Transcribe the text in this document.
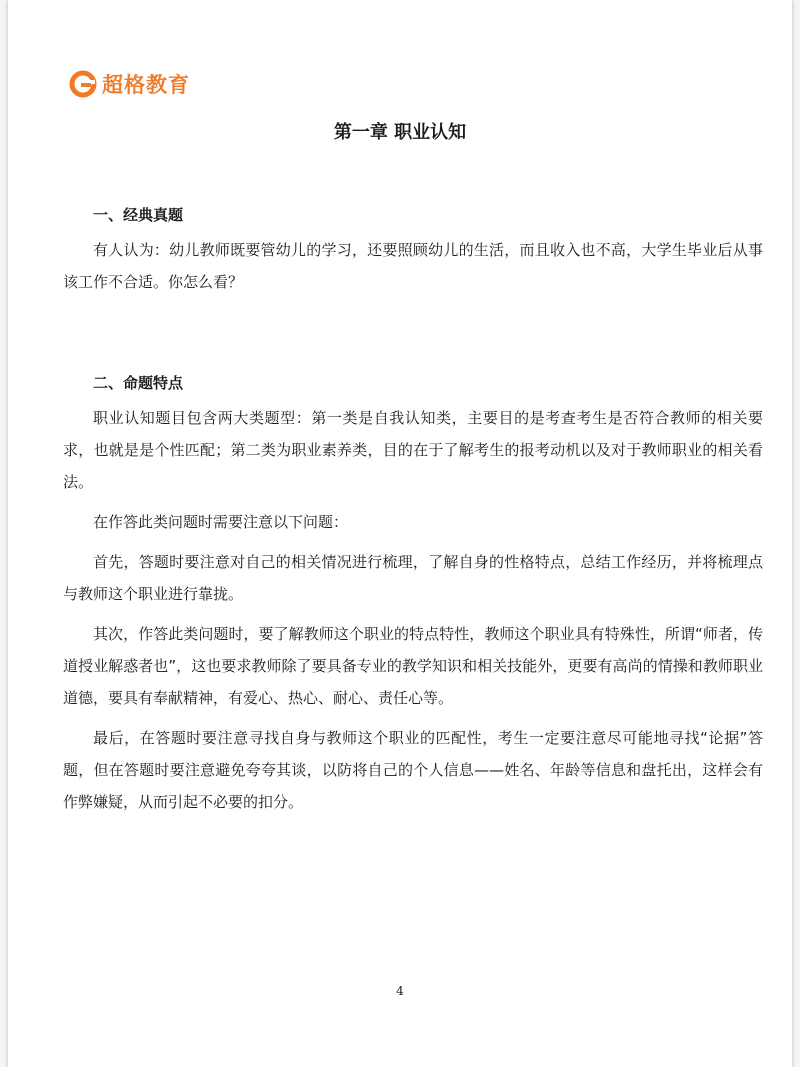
超格教育
第一章 职业认知
一、经典真题

有人认为：幼儿教师既要管幼儿的学习，还要照顾幼儿的生活，而且收入也不高，大学生毕业后从事该工作不合适。你怎么看？

二、命题特点

职业认知题目包含两大类题型：第一类是自我认知类，主要目的是考查考生是否符合教师的相关要求，也就是是个性匹配；第二类为职业素养类，目的在于了解考生的报考动机以及对于教师职业的相关看法。

在作答此类问题时需要注意以下问题：

首先，答题时要注意对自己的相关情况进行梳理，了解自身的性格特点，总结工作经历，并将梳理点与教师这个职业进行靠拢。

其次，作答此类问题时，要了解教师这个职业的特点特性，教师这个职业具有特殊性，所谓“师者，传道授业解惑者也”，这也要求教师除了要具备专业的教学知识和相关技能外，更要有高尚的情操和教师职业道德，要具有奉献精神，有爱心、热心、耐心、责任心等。

最后，在答题时要注意寻找自身与教师这个职业的匹配性，考生一定要注意尽可能地寻找“论据”答题，但在答题时要注意避免夸夸其谈，以防将自己的个人信息——姓名、年龄等信息和盘托出，这样会有作弊嫌疑，从而引起不必要的扣分。

4
